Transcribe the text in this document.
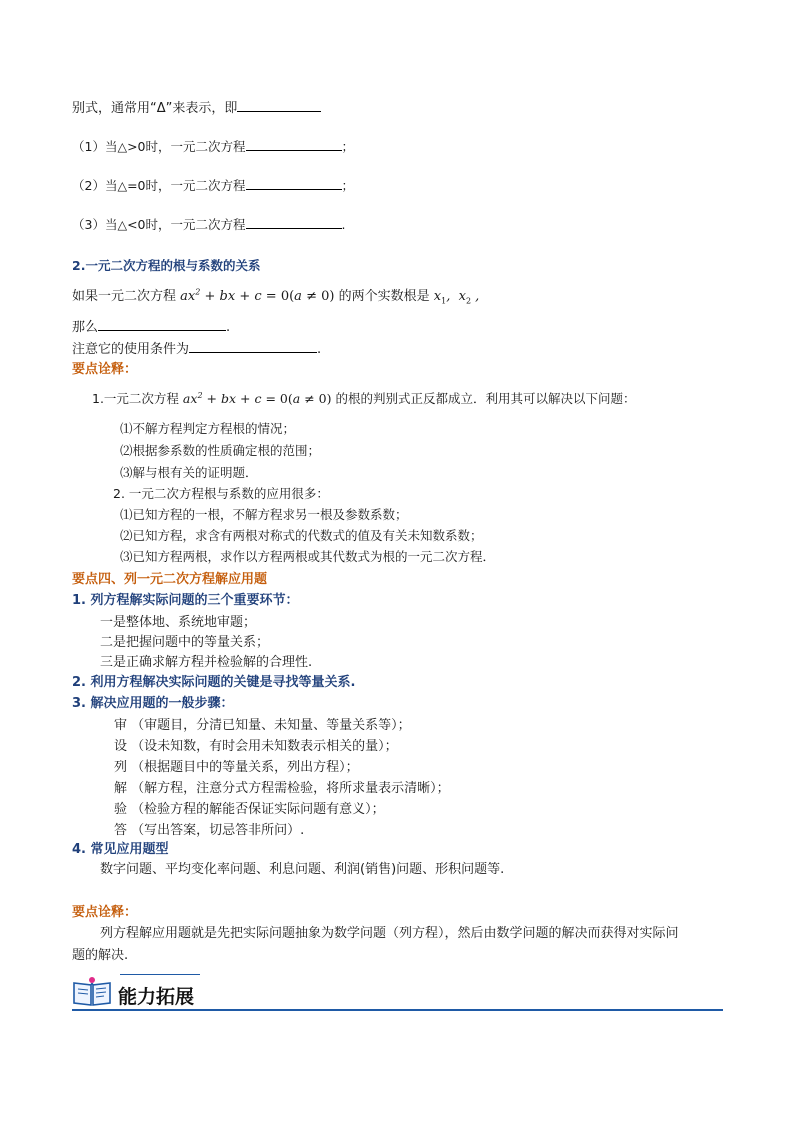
别式，通常用“Δ”来表示，即
（1）当△>0时，一元二次方程	；
（2）当△=0时，一元二次方程	；
（3）当△<0时，一元二次方程	.
2.一元二次方程的根与系数的关系
如果一元二次方程 $ax^2$ + bx + c = 0(a ≠ 0) 的两个实数根是 $x_1$,  $x_2$ ,
那么	.
注意它的使用条件为	.
要点诠释：
1.一元二次方程 $ax^2$ + bx + c = 0(a ≠ 0) 的根的判别式正反都成立．利用其可以解决以下问题：
⑴不解方程判定方程根的情况；
⑵根据参系数的性质确定根的范围；
⑶解与根有关的证明题．
2. 一元二次方程根与系数的应用很多：
⑴已知方程的一根，不解方程求另一根及参数系数；
⑵已知方程，求含有两根对称式的代数式的值及有关未知数系数；
⑶已知方程两根，求作以方程两根或其代数式为根的一元二次方程．
要点四、列一元二次方程解应用题
1. 列方程解实际问题的三个重要环节：
一是整体地、系统地审题；
二是把握问题中的等量关系；
三是正确求解方程并检验解的合理性.
2. 利用方程解决实际问题的关键是寻找等量关系.
3. 解决应用题的一般步骤：
审 （审题目，分清已知量、未知量、等量关系等）；
设 （设未知数，有时会用未知数表示相关的量）；
列 （根据题目中的等量关系，列出方程）；
解 （解方程，注意分式方程需检验，将所求量表示清晰）；
验 （检验方程的解能否保证实际问题有意义）；
答 （写出答案，切忌答非所问）.
4. 常见应用题型
数字问题、平均变化率问题、利息问题、利润(销售)问题、形积问题等.
要点诠释：
列方程解应用题就是先把实际问题抽象为数学问题（列方程），然后由数学问题的解决而获得对实际问
题的解决.
能力拓展
